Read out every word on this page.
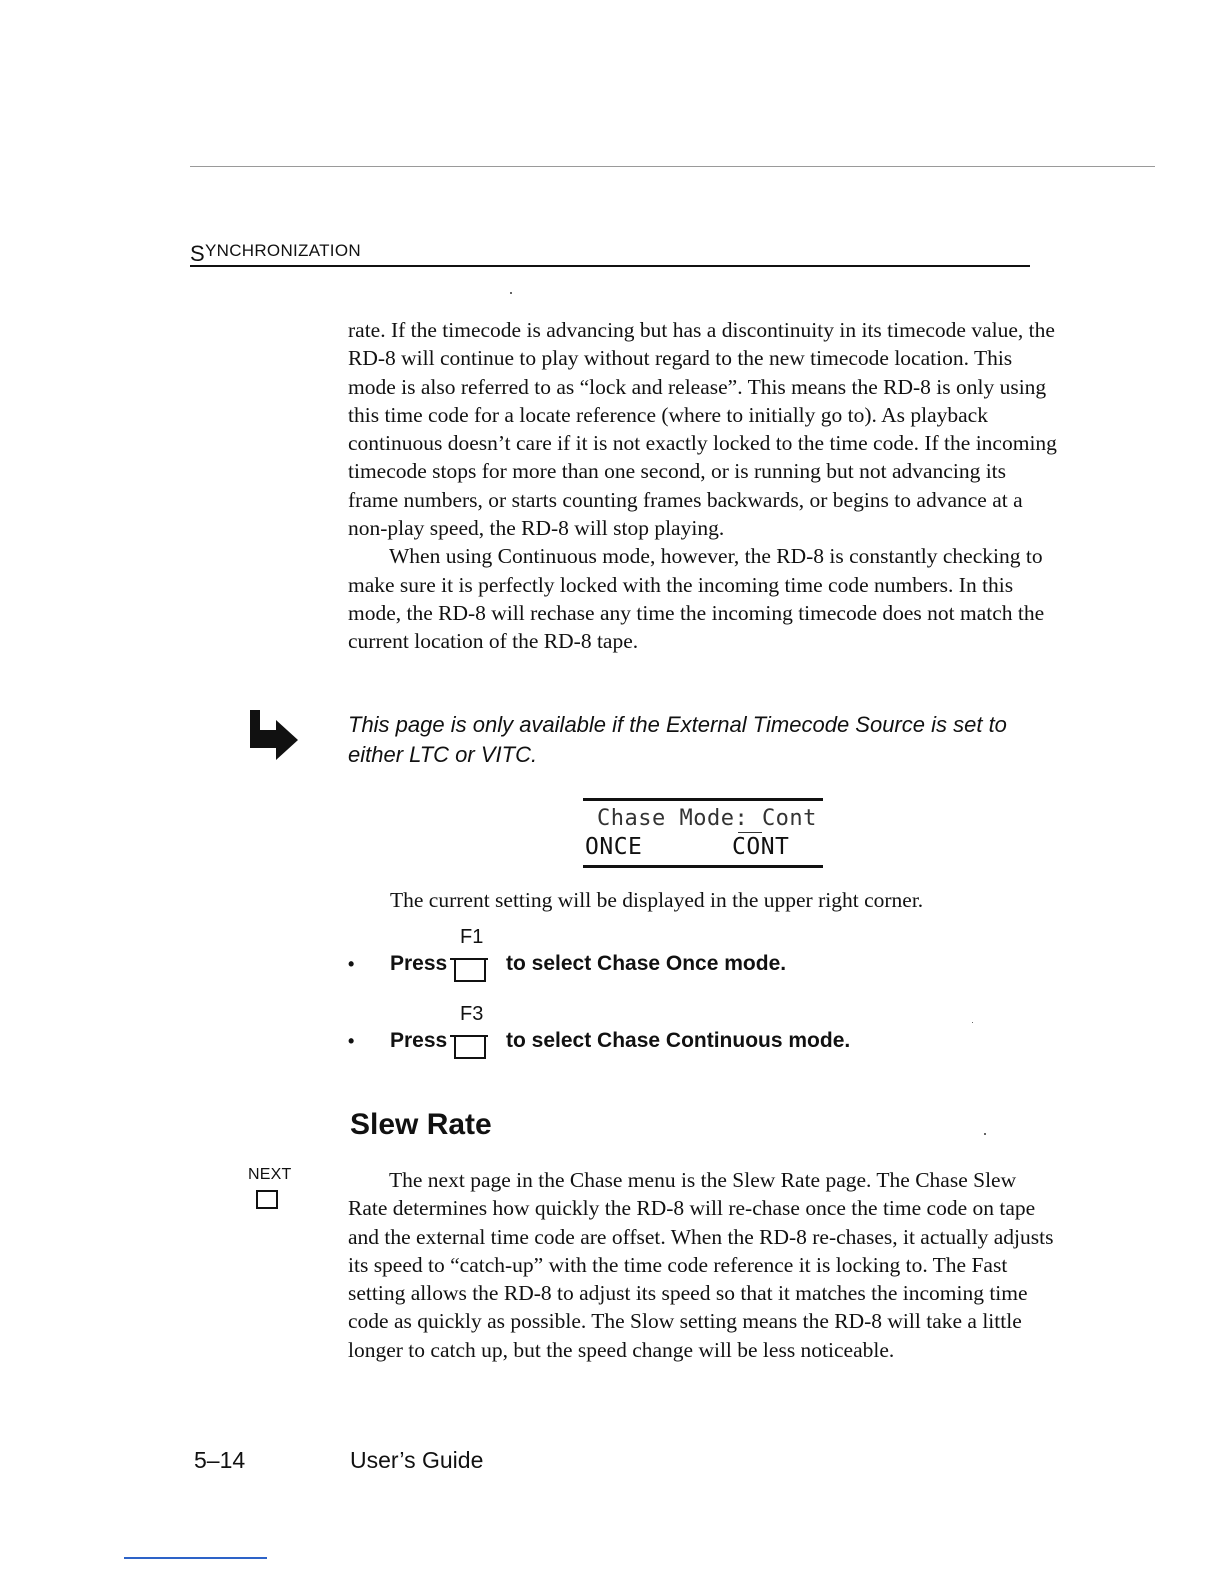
SYNCHRONIZATION

rate. If the timecode is advancing but has a discontinuity in its timecode value, the RD-8 will continue to play without regard to the new timecode location. This mode is also referred to as “lock and release”. This means the RD-8 is only using this time code for a locate reference (where to initially go to). As playback continuous doesn’t care if it is not exactly locked to the time code. If the incoming timecode stops for more than one second, or is running but not advancing its frame numbers, or starts counting frames backwards, or begins to advance at a non-play speed, the RD-8 will stop playing.

When using Continuous mode, however, the RD-8 is constantly checking to make sure it is perfectly locked with the incoming time code numbers. In this mode, the RD-8 will rechase any time the incoming timecode does not match the current location of the RD-8 tape.

This page is only available if the External Timecode Source is set to either LTC or VITC.
Chase Mode: Cont
ONCE	CONT
The current setting will be displayed in the upper right corner.
• Press
F1
to select Chase Once mode.
• Press
F3
to select Chase Continuous mode.
Slew Rate
NEXT	The next page in the Chase menu is the Slew Rate page. The Chase Slew Rate determines how quickly the RD-8 will re-chase once the time code on tape and the external time code are offset. When the RD-8 re-chases, it actually adjusts its speed to “catch-up” with the time code reference it is locking to. The Fast setting allows the RD-8 to adjust its speed so that it matches the incoming time code as quickly as possible. The Slow setting means the RD-8 will take a little longer to catch up, but the speed change will be less noticeable.
5–14	User’s Guide
